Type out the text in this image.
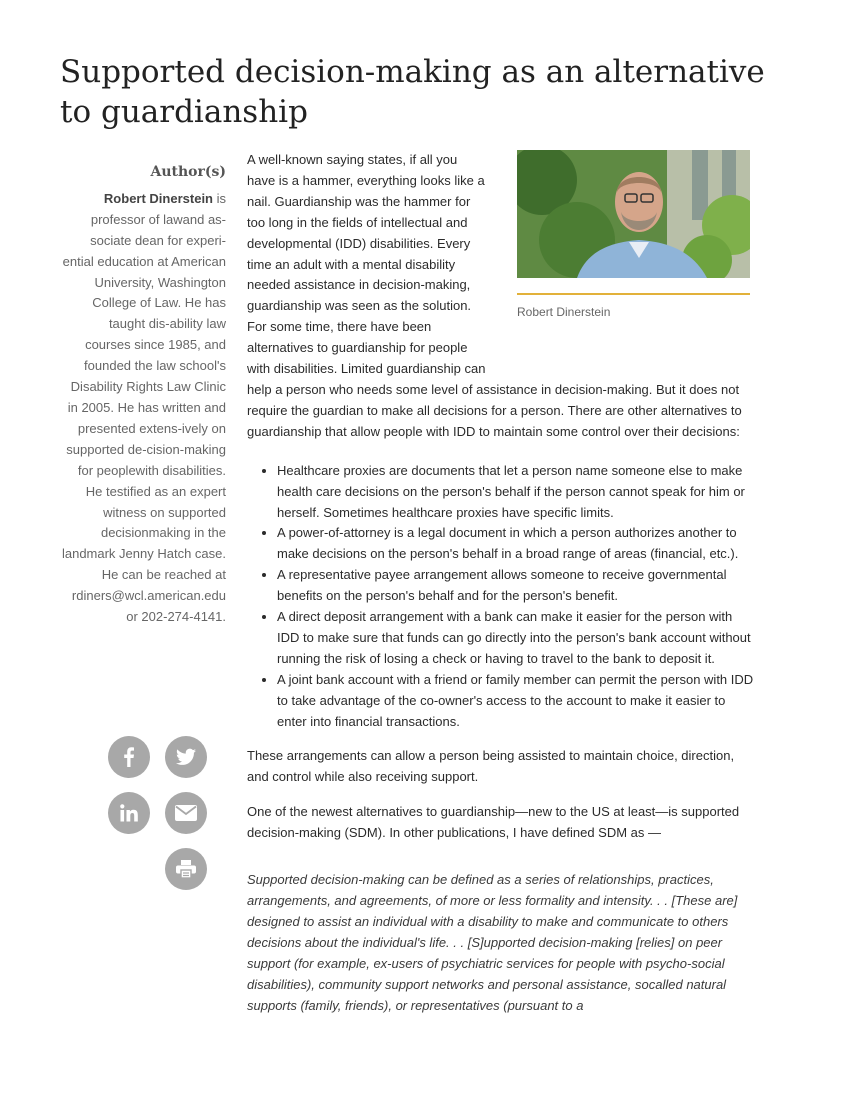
Supported decision-making as an alternative to guardianship
Author(s)

Robert Dinerstein is professor of lawand as-sociate dean for experi-ential education at American University, Washington College of Law. He has taught dis-ability law courses since 1985, and founded the law school's Disability Rights Law Clinic in 2005. He has written and presented extens-ively on supported de-cision-making for peoplewith disabilities. He testified as an expert witness on supported decisionmaking in the landmark Jenny Hatch case. He can be reached at rdiners@wcl.american.edu or 202-274-4141.

Robert Dinerstein

A well-known saying states, if all you have is a hammer, everything looks like a nail. Guardianship was the hammer for too long in the fields of intellectual and developmental (IDD) disabilities. Every time an adult with a mental disability needed assistance in decision-making, guardianship was seen as the solution. For some time, there have been alternatives to guardianship for people with disabilities. Limited guardianship can help a person who needs some level of assistance in decision-making. But it does not require the guardian to make all decisions for a person. There are other alternatives to guardianship that allow people with IDD to maintain some control over their decisions:

• Healthcare proxies are documents that let a person name someone else to make health care decisions on the person's behalf if the person cannot speak for him or herself. Sometimes healthcare proxies have specific limits.
• A power-of-attorney is a legal document in which a person authorizes another to make decisions on the person's behalf in a broad range of areas (financial, etc.).
• A representative payee arrangement allows someone to receive governmental benefits on the person's behalf and for the person's benefit.
• A direct deposit arrangement with a bank can make it easier for the person with IDD to make sure that funds can go directly into the person's bank account without running the risk of losing a check or having to travel to the bank to deposit it.
• A joint bank account with a friend or family member can permit the person with IDD to take advantage of the co-owner's access to the account to make it easier to enter into financial transactions.

These arrangements can allow a person being assisted to maintain choice, direction, and control while also receiving support.

One of the newest alternatives to guardianship—new to the US at least—is supported decision-making (SDM). In other publications, I have defined SDM as —

Supported decision-making can be defined as a series of relationships, practices, arrangements, and agreements, of more or less formality and intensity. . . [These are] designed to assist an individual with a disability to make and communicate to others decisions about the individual's life. . . [S]upported decision-making [relies] on peer support (for example, ex-users of psychiatric services for people with psycho-social disabilities), community support networks and personal assistance, socalled natural supports (family, friends), or representatives (pursuant to a
